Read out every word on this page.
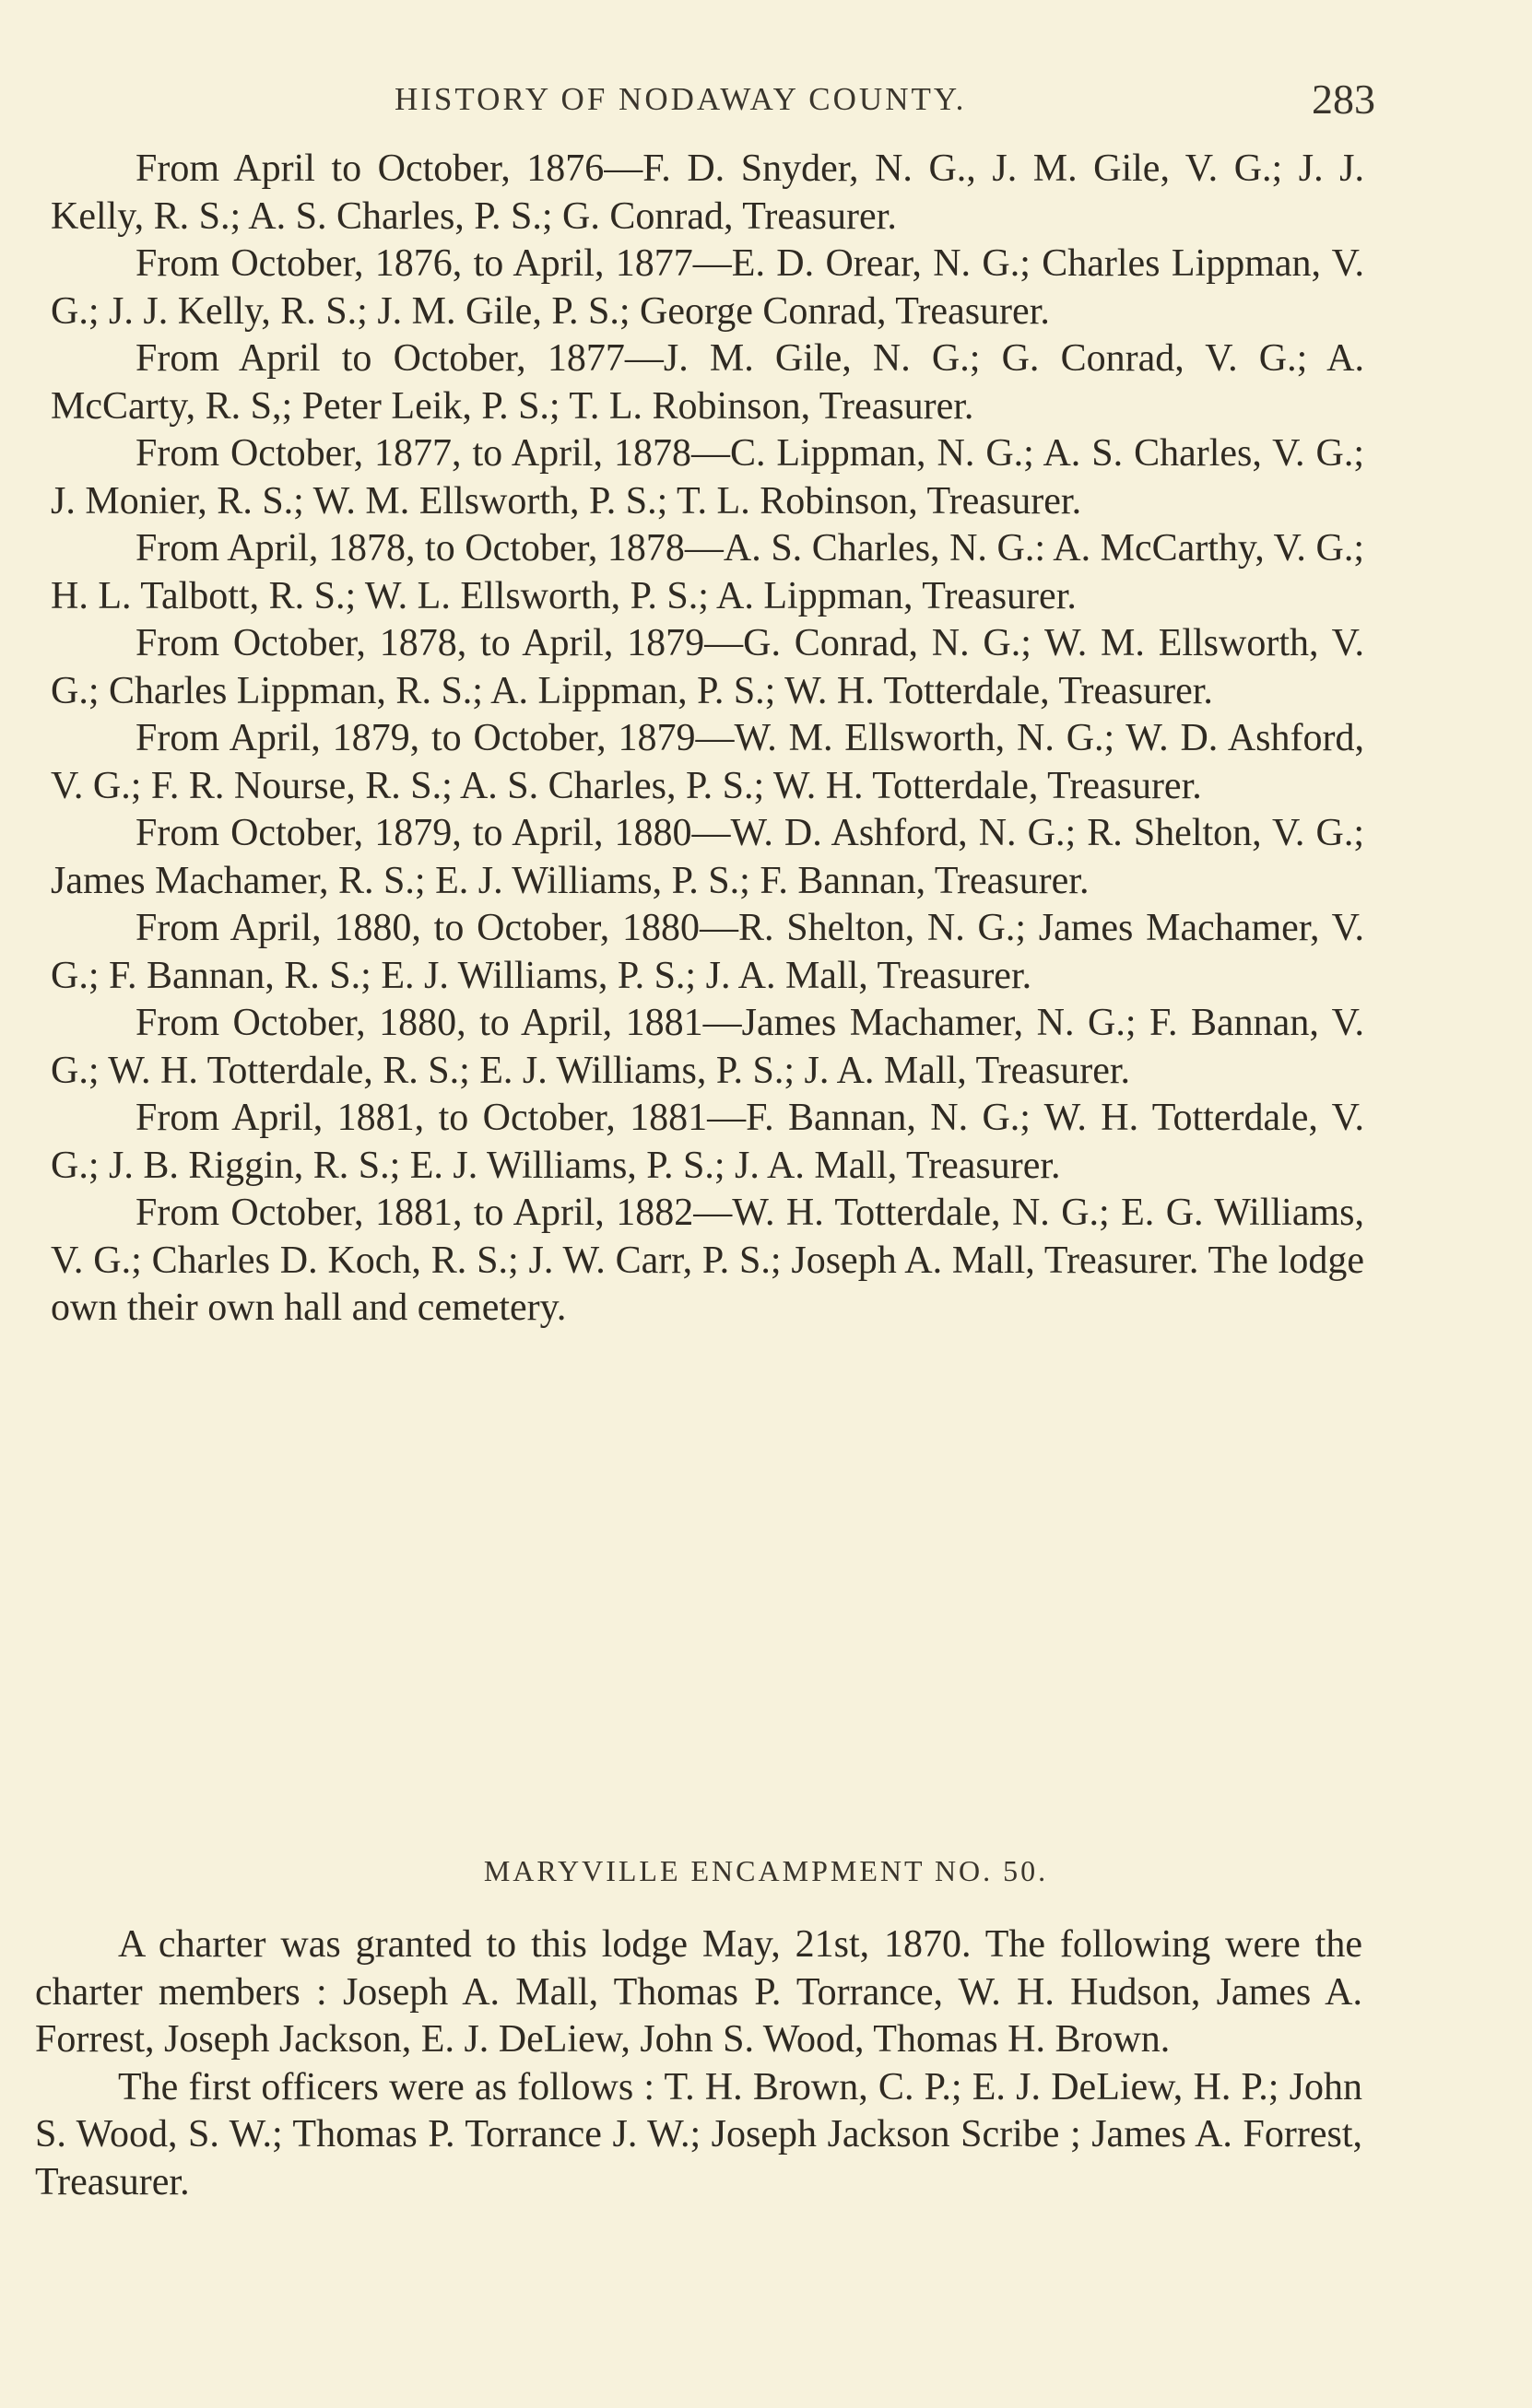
HISTORY OF NODAWAY COUNTY.	283

From April to October, 1876—F. D. Snyder, N. G., J. M. Gile, V. G.; J. J. Kelly, R. S.; A. S. Charles, P. S.; G. Conrad, Treasurer.

From October, 1876, to April, 1877—E. D. Orear, N. G.; Charles Lippman, V. G.; J. J. Kelly, R. S.; J. M. Gile, P. S.; George Conrad, Treasurer.

From April to October, 1877—J. M. Gile, N. G.; G. Conrad, V. G.; A. McCarty, R. S,; Peter Leik, P. S.; T. L. Robinson, Treasurer.

From October, 1877, to April, 1878—C. Lippman, N. G.; A. S. Charles, V. G.; J. Monier, R. S.; W. M. Ellsworth, P. S.; T. L. Robinson, Treasurer.

From April, 1878, to October, 1878—A. S. Charles, N. G.: A. McCarthy, V. G.; H. L. Talbott, R. S.; W. L. Ellsworth, P. S.; A. Lippman, Treasurer.

From October, 1878, to April, 1879—G. Conrad, N. G.; W. M. Ellsworth, V. G.; Charles Lippman, R. S.; A. Lippman, P. S.; W. H. Totterdale, Treasurer.

From April, 1879, to October, 1879—W. M. Ellsworth, N. G.; W. D. Ashford, V. G.; F. R. Nourse, R. S.; A. S. Charles, P. S.; W. H. Totterdale, Treasurer.

From October, 1879, to April, 1880—W. D. Ashford, N. G.; R. Shelton, V. G.; James Machamer, R. S.; E. J. Williams, P. S.; F. Bannan, Treasurer.

From April, 1880, to October, 1880—R. Shelton, N. G.; James Machamer, V. G.; F. Bannan, R. S.; E. J. Williams, P. S.; J. A. Mall, Treasurer.

From October, 1880, to April, 1881—James Machamer, N. G.; F. Bannan, V. G.; W. H. Totterdale, R. S.; E. J. Williams, P. S.; J. A. Mall, Treasurer.

From April, 1881, to October, 1881—F. Bannan, N. G.; W. H. Totterdale, V. G.; J. B. Riggin, R. S.; E. J. Williams, P. S.; J. A. Mall, Treasurer.

From October, 1881, to April, 1882—W. H. Totterdale, N. G.; E. G. Williams, V. G.; Charles D. Koch, R. S.; J. W. Carr, P. S.; Joseph A. Mall, Treasurer. The lodge own their own hall and cemetery.

MARYVILLE ENCAMPMENT NO. 50.

A charter was granted to this lodge May, 21st, 1870. The following were the charter members : Joseph A. Mall, Thomas P. Torrance, W. H. Hudson, James A. Forrest, Joseph Jackson, E. J. DeLiew, John S. Wood, Thomas H. Brown.

The first officers were as follows : T. H. Brown, C. P.; E. J. DeLiew, H. P.; John S. Wood, S. W.; Thomas P. Torrance J. W.; Joseph Jackson Scribe ; James A. Forrest, Treasurer.
